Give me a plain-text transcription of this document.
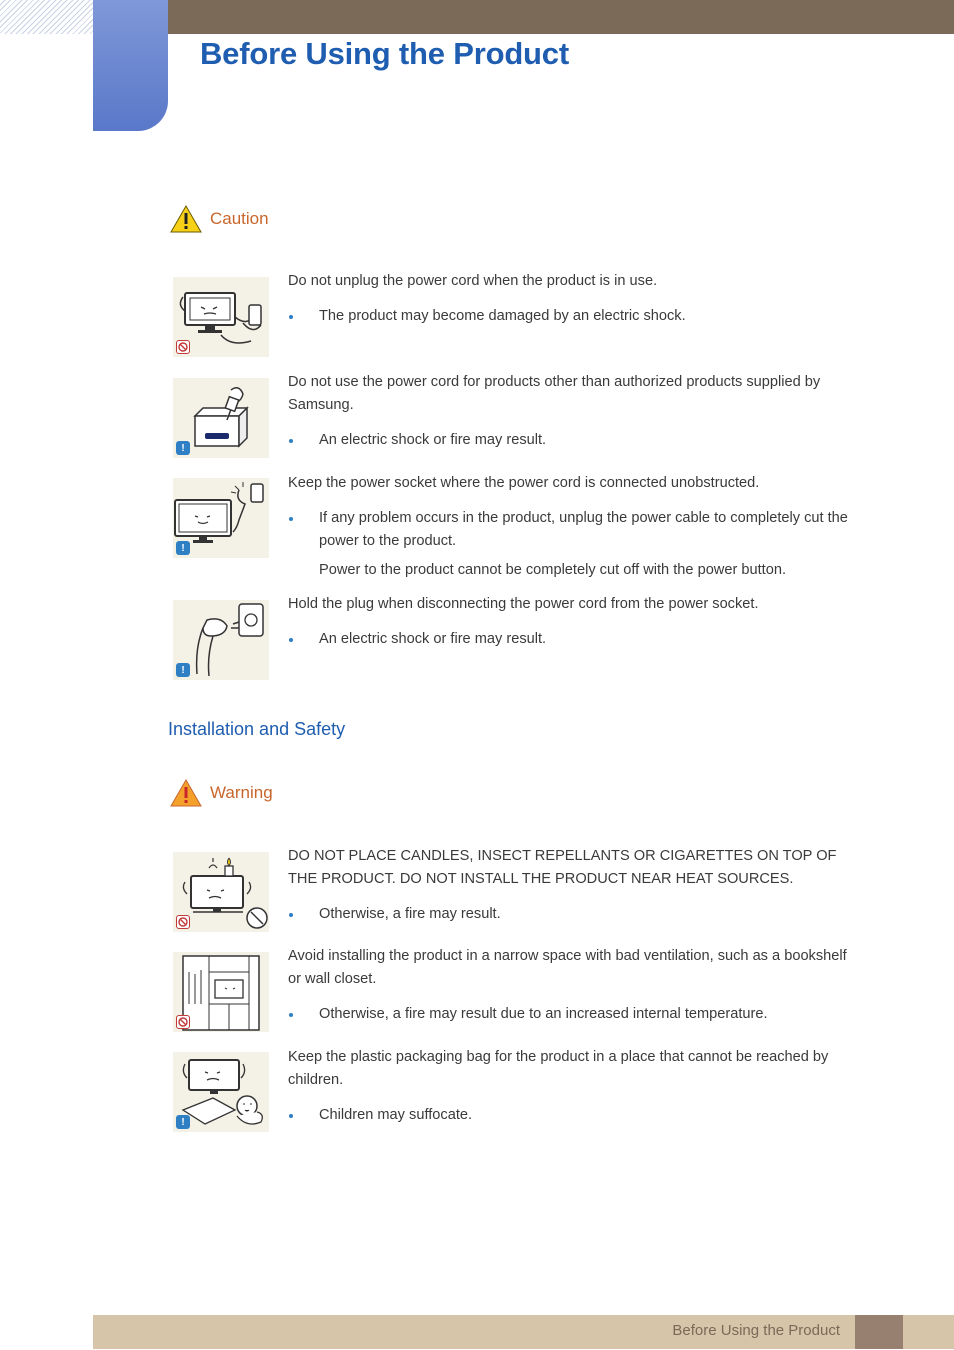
Before Using the Product
Caution

Do not unplug the power cord when the product is in use.

The product may become damaged by an electric shock.
!

Do not use the power cord for products other than authorized products supplied by Samsung.

An electric shock or fire may result.
!

Keep the power socket where the power cord is connected unobstructed.

If any problem occurs in the product, unplug the power cable to completely cut the power to the product.

Power to the product cannot be completely cut off with the power button.

!

Hold the plug when disconnecting the power cord from the power socket.

An electric shock or fire may result.
Installation and Safety
Warning

DO NOT PLACE CANDLES, INSECT REPELLANTS OR CIGARETTES ON TOP OF THE PRODUCT. DO NOT INSTALL THE PRODUCT NEAR HEAT SOURCES.

Otherwise, a fire may result.

Avoid installing the product in a narrow space with bad ventilation, such as a bookshelf or wall closet.

Otherwise, a fire may result due to an increased internal temperature.
!

Keep the plastic packaging bag for the product in a place that cannot be reached by children.

Children may suffocate.
Before Using the Product
